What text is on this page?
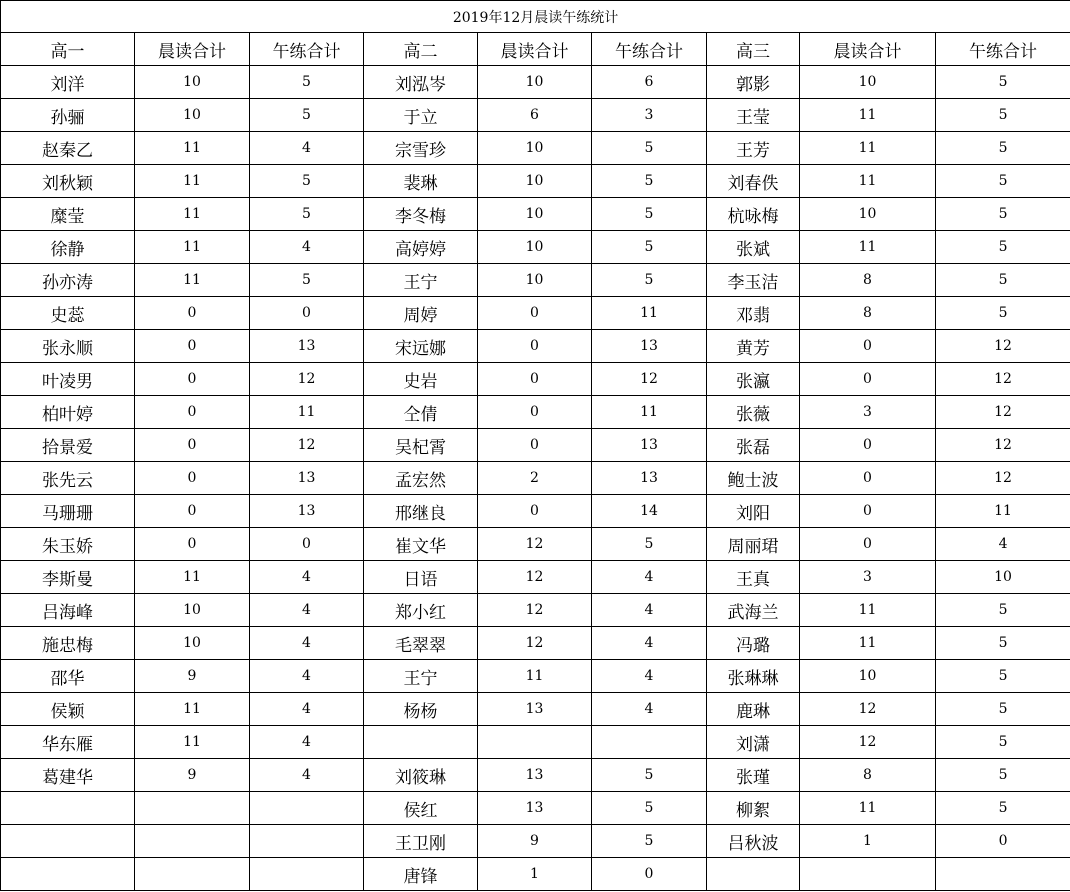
2019年12月晨读午练统计								
高一	晨读合计	午练合计	高二	晨读合计	午练合计	高三	晨读合计	午练合计
刘洋	10	5	刘泓岑	10	6	郭影	10	5
孙骊	10	5	于立	6	3	王莹	11	5
赵秦乙	11	4	宗雪珍	10	5	王芳	11	5
刘秋颖	11	5	裴琳	10	5	刘春佚	11	5
糜莹	11	5	李冬梅	10	5	杭咏梅	10	5
徐静	11	4	高婷婷	10	5	张斌	11	5
孙亦涛	11	5	王宁	10	5	李玉洁	8	5
史蕊	0	0	周婷	0	11	邓翡	8	5
张永顺	0	13	宋远娜	0	13	黄芳	0	12
叶凌男	0	12	史岩	0	12	张瀛	0	12
柏叶婷	0	11	仝倩	0	11	张薇	3	12
拾景爱	0	12	吴杞霄	0	13	张磊	0	12
张先云	0	13	孟宏然	2	13	鲍士波	0	12
马珊珊	0	13	邢继良	0	14	刘阳	0	11
朱玉娇	0	0	崔文华	12	5	周丽珺	0	4
李斯曼	11	4	日语	12	4	王真	3	10
吕海峰	10	4	郑小红	12	4	武海兰	11	5
施忠梅	10	4	毛翠翠	12	4	冯璐	11	5
邵华	9	4	王宁	11	4	张琳琳	10	5
侯颖	11	4	杨杨	13	4	鹿琳	12	5
华东雁	11	4				刘潇	12	5
葛建华	9	4	刘筱琳	13	5	张瑾	8	5
			侯红	13	5	柳絮	11	5
			王卫刚	9	5	吕秋波	1	0
			唐锋	1	0			
